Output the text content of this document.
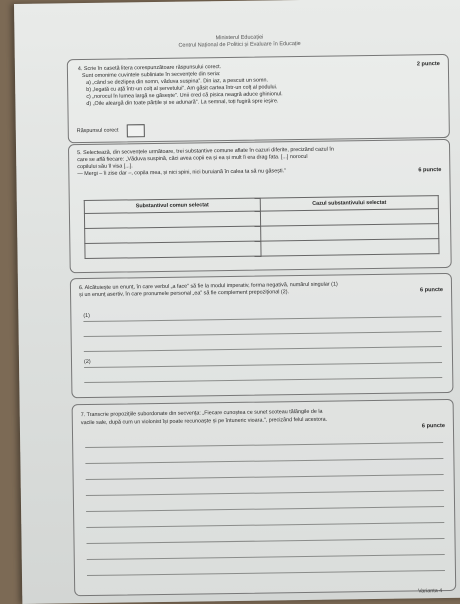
Ministerul Educației
Centrul Național de Politici și Evaluare în Educație
4. Scrie în casetă litera corespunzătoare răspunsului corect.	2 puncte
Sunt omonime cuvintele subliniate în secvențele din seria:
a) „când se dezlipea din somn, văduva suspina”. Din iaz, a pescuit un somn.
b) „legată cu ață într-un colț al șervetului”. Am găsit cartea într-un colț al podului.
c) „norocul în lumea largă se găsește”. Unii cred că pisica neagră aduce ghinionul.
d) „Oile aleargă din toate părțile și se adunară”. La semnal, toți fugiră spre ieșire.
Răspunsul corect
5. Selectează, din secvențele următoare, trei substantive comune aflate în cazuri diferite, precizând cazul în
care se află fiecare: „Văduva suspină, căci avea copii ea și ea și mult îi era drag fata. [...] norocul
copilului său îl visa [...].
— Mergi – îi zise dar –, copila mea, și nici spini, nici buruiană în calea ta să nu găsești.”	6 puncte
Substantivul comun selectat	Cazul substantivului selectat

6. Alcătuiește un enunț, în care verbul „a face” să fie la modul imperativ, forma negativă, numărul singular (1)
și un enunț asertiv, în care pronumele personal „ea” să fie complement prepozițional (2).	6 puncte
(1)
(2)
7. Transcrie propozițiile subordonate din secvența: „Fiecare cunoștea ce sunet scoteau tălăngile de la
vacile sale, după cum un violonist își poate recunoaște și pe întuneric vioara.”, precizând felul acestora.
6 puncte
Varianta 4
